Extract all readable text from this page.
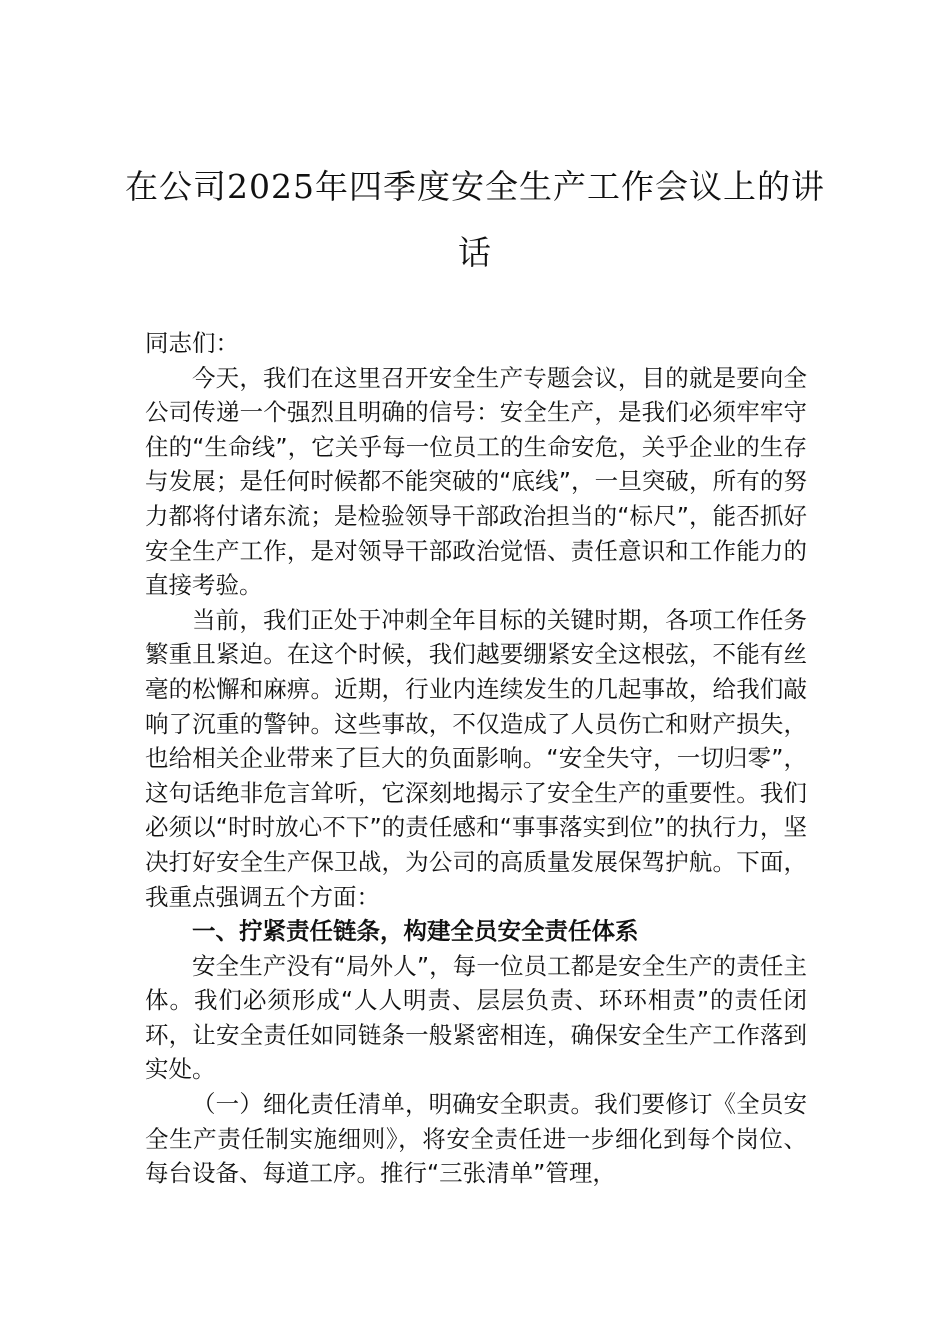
在公司2025年四季度安全生产工作会议上的讲话

同志们：

今天，我们在这里召开安全生产专题会议，目的就是要向全公司传递一个强烈且明确的信号：安全生产，是我们必须牢牢守住的“生命线”，它关乎每一位员工的生命安危，关乎企业的生存与发展；是任何时候都不能突破的“底线”，一旦突破，所有的努力都将付诸东流；是检验领导干部政治担当的“标尺”，能否抓好安全生产工作，是对领导干部政治觉悟、责任意识和工作能力的直接考验。

当前，我们正处于冲刺全年目标的关键时期，各项工作任务繁重且紧迫。在这个时候，我们越要绷紧安全这根弦，不能有丝毫的松懈和麻痹。近期，行业内连续发生的几起事故，给我们敲响了沉重的警钟。这些事故，不仅造成了人员伤亡和财产损失，也给相关企业带来了巨大的负面影响。“安全失守，一切归零”，这句话绝非危言耸听，它深刻地揭示了安全生产的重要性。我们必须以“时时放心不下”的责任感和“事事落实到位”的执行力，坚决打好安全生产保卫战，为公司的高质量发展保驾护航。下面，我重点强调五个方面：

一、拧紧责任链条，构建全员安全责任体系

安全生产没有“局外人”，每一位员工都是安全生产的责任主体。我们必须形成“人人明责、层层负责、环环相责”的责任闭环，让安全责任如同链条一般紧密相连，确保安全生产工作落到实处。

（一）细化责任清单，明确安全职责。我们要修订《全员安全生产责任制实施细则》，将安全责任进一步细化到每个岗位、每台设备、每道工序。推行“三张清单”管理，
